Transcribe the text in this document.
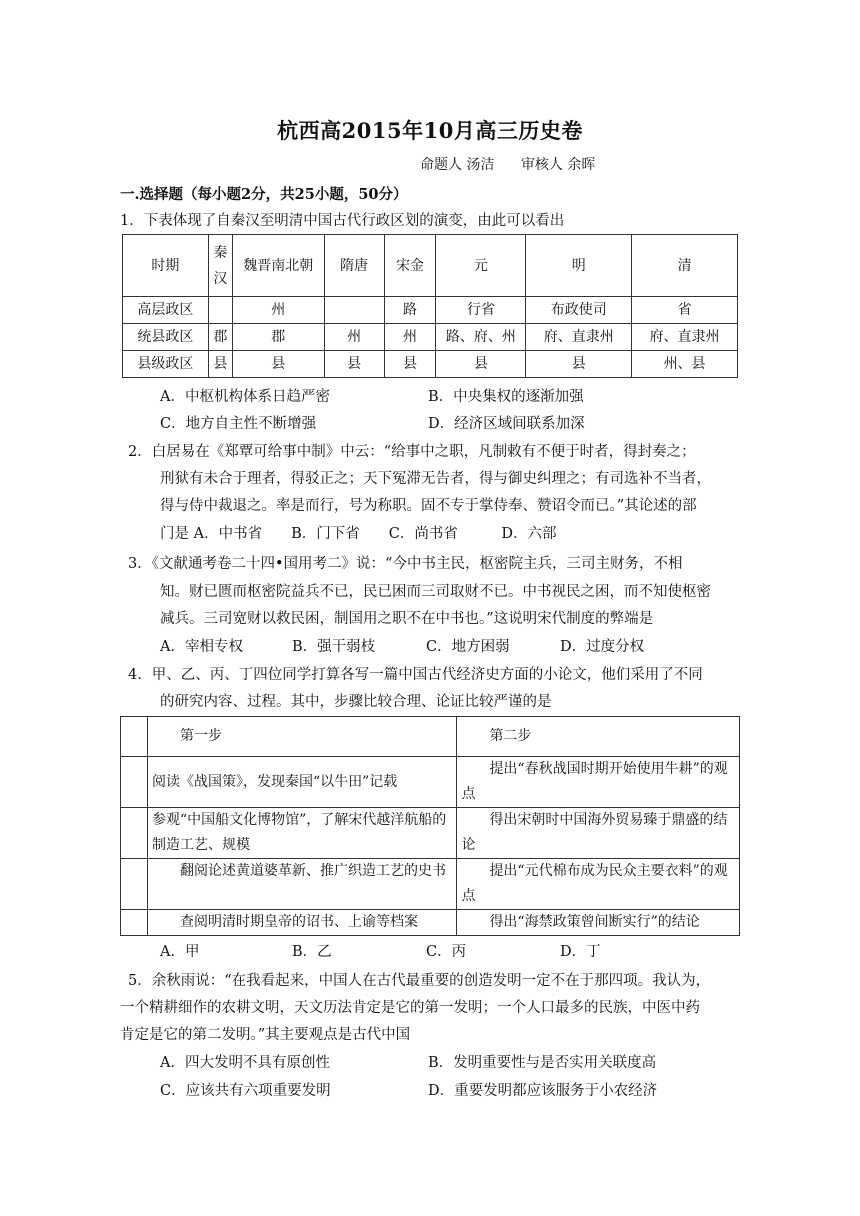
杭西高2015年10月高三历史卷
命题人 汤洁 审核人 余晖
一.选择题（每小题2分，共25小题，50分）
1．下表体现了自秦汉至明清中国古代行政区划的演变，由此可以看出
时期	秦汉	魏晋南北朝	隋唐	宋金	元	明	清
高层政区		州		路	行省	布政使司	省
统县政区	郡	郡	州	州	路、府、州	府、直隶州	府、直隶州
县级政区	县	县	县	县	县	县	州、县
A．中枢机构体系日趋严密	B．中央集权的逐渐加强
C．地方自主性不断增强	D．经济区域间联系加深
2．白居易在《郑覃可给事中制》中云：“给事中之职，凡制敕有不便于时者，得封奏之；
刑狱有未合于理者，得驳正之；天下冤滞无告者，得与御史纠理之；有司选补不当者，
得与侍中裁退之。率是而行，号为称职。固不专于掌侍奉、赞诏令而已。”其论述的部
门是 A．中书省　　B．门下省　　C．尚书省　　　D．六部
3．《文献通考卷二十四•国用考二》说：“今中书主民，枢密院主兵，三司主财务，不相
知。财已匮而枢密院益兵不已，民已困而三司取财不已。中书视民之困，而不知使枢密
减兵。三司宽财以救民困，制国用之职不在中书也。”这说明宋代制度的弊端是
A．宰相专权	B．强干弱枝	C．地方困弱	D．过度分权
4．甲、乙、丙、丁四位同学打算各写一篇中国古代经济史方面的小论文，他们采用了不同
的研究内容、过程。其中，步骤比较合理、论证比较严谨的是
	第一步	第二步
	阅读《战国策》，发现秦国“以牛田”记载	提出“春秋战国时期开始使用牛耕”的观点
	参观“中国船文化博物馆”，了解宋代越洋航船的制造工艺、规模	得出宋朝时中国海外贸易臻于鼎盛的结论
	翻阅论述黄道婆革新、推广织造工艺的史书	提出“元代棉布成为民众主要衣料”的观点
	查阅明清时期皇帝的诏书、上谕等档案	得出“海禁政策曾间断实行”的结论
A．甲	B．乙	C．丙	D．丁
5．余秋雨说：“在我看起来，中国人在古代最重要的创造发明一定不在于那四项。我认为，
一个精耕细作的农耕文明，天文历法肯定是它的第一发明；一个人口最多的民族，中医中药
肯定是它的第二发明。”其主要观点是古代中国
A．四大发明不具有原创性	B．发明重要性与是否实用关联度高
C．应该共有六项重要发明	D．重要发明都应该服务于小农经济
